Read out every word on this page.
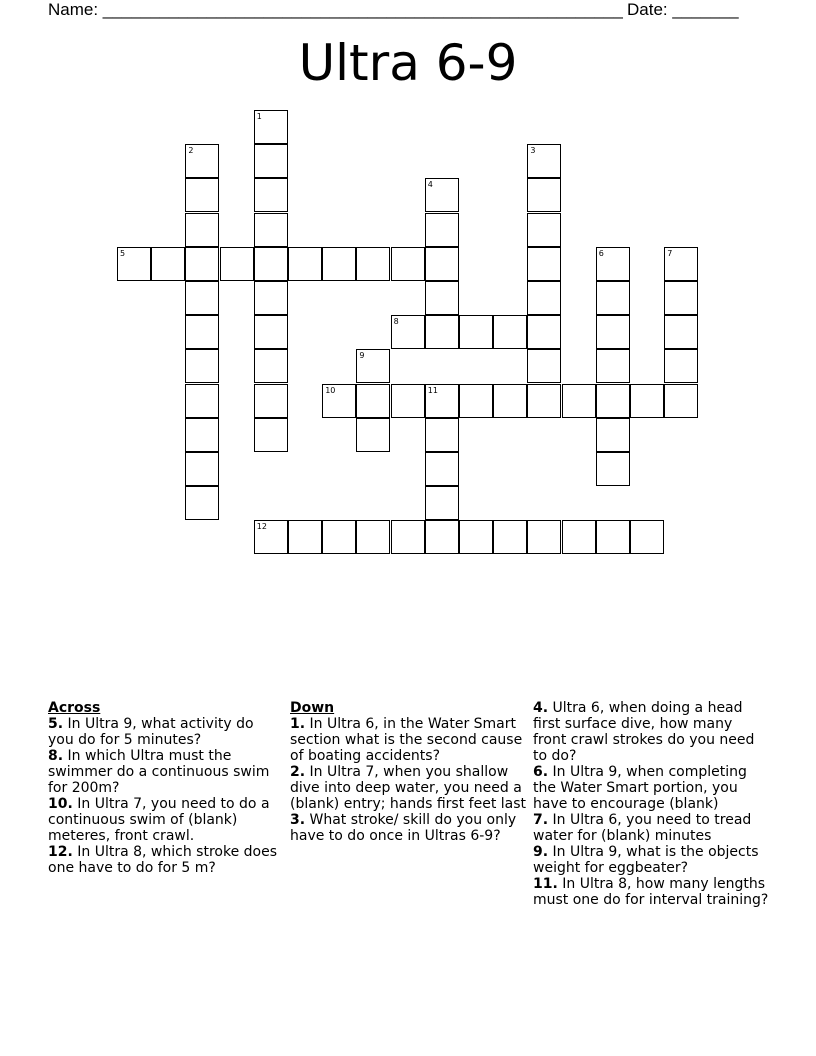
Name: _______________________________________________________ Date: _______
Ultra 6-9
1
2	3
4
5	6	7
8
9
10	11
12
Across

5. In Ultra 9, what activity do you do for 5 minutes?

8. In which Ultra must the swimmer do a continuous swim for 200m?

10. In Ultra 7, you need to do a continuous swim of (blank) meteres, front crawl.

12. In Ultra 8, which stroke does one have to do for 5 m?

Down

1. In Ultra 6, in the Water Smart section what is the second cause of boating accidents?

2. In Ultra 7, when you shallow dive into deep water, you need a (blank) entry; hands first feet last

3. What stroke/ skill do you only have to do once in Ultras 6-9?

4. Ultra 6, when doing a head first surface dive, how many front crawl strokes do you need to do?

6. In Ultra 9, when completing the Water Smart portion, you have to encourage (blank)

7. In Ultra 6, you need to tread water for (blank) minutes

9. In Ultra 9, what is the objects weight for eggbeater?

11. In Ultra 8, how many lengths must one do for interval training?
